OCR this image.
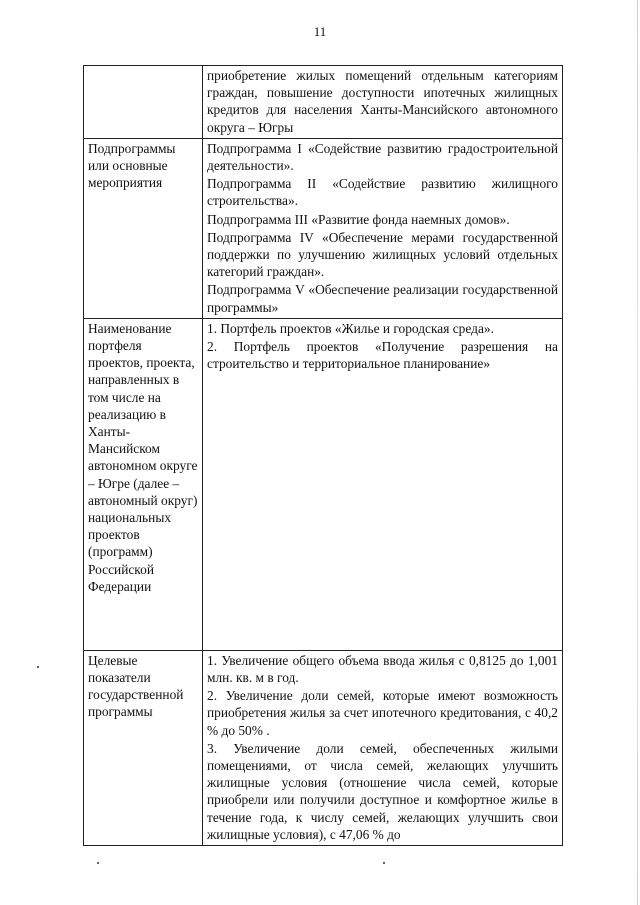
11

	приобретение жилых помещений отдельным категориям граждан, повышение доступности ипотечных жилищных кредитов для населения Ханты-Мансийского автономного округа – Югры

Подпрограммы или основные мероприятия	Подпрограмма I «Содействие развитию градостроительной деятельности».

Подпрограмма II «Содействие развитию жилищного строительства».

Подпрограмма III «Развитие фонда наемных домов».

Подпрограмма IV «Обеспечение мерами государственной поддержки по улучшению жилищных условий отдельных категорий граждан».

Подпрограмма V «Обеспечение реализации государственной программы»

Наименование портфеля проектов, проекта, направленных в том числе на реализацию в Ханты-Мансийском автономном округе – Югре (далее – автономный округ) национальных проектов (программ) Российской Федерации	1. Портфель проектов «Жилье и городская среда».

2. Портфель проектов «Получение разрешения на строительство и территориальное планирование»

Целевые показатели государственной программы	1. Увеличение общего объема ввода жилья с 0,8125 до 1,001 млн. кв. м в год.

2. Увеличение доли семей, которые имеют возможность приобретения жилья за счет ипотечного кредитования, с 40,2 % до 50% .

3. Увеличение доли семей, обеспеченных жилыми помещениями, от числа семей, желающих улучшить жилищные условия (отношение числа семей, которые приобрели или получили доступное и комфортное жилье в течение года, к числу семей, желающих улучшить свои жилищные условия), с 47,06 % до
